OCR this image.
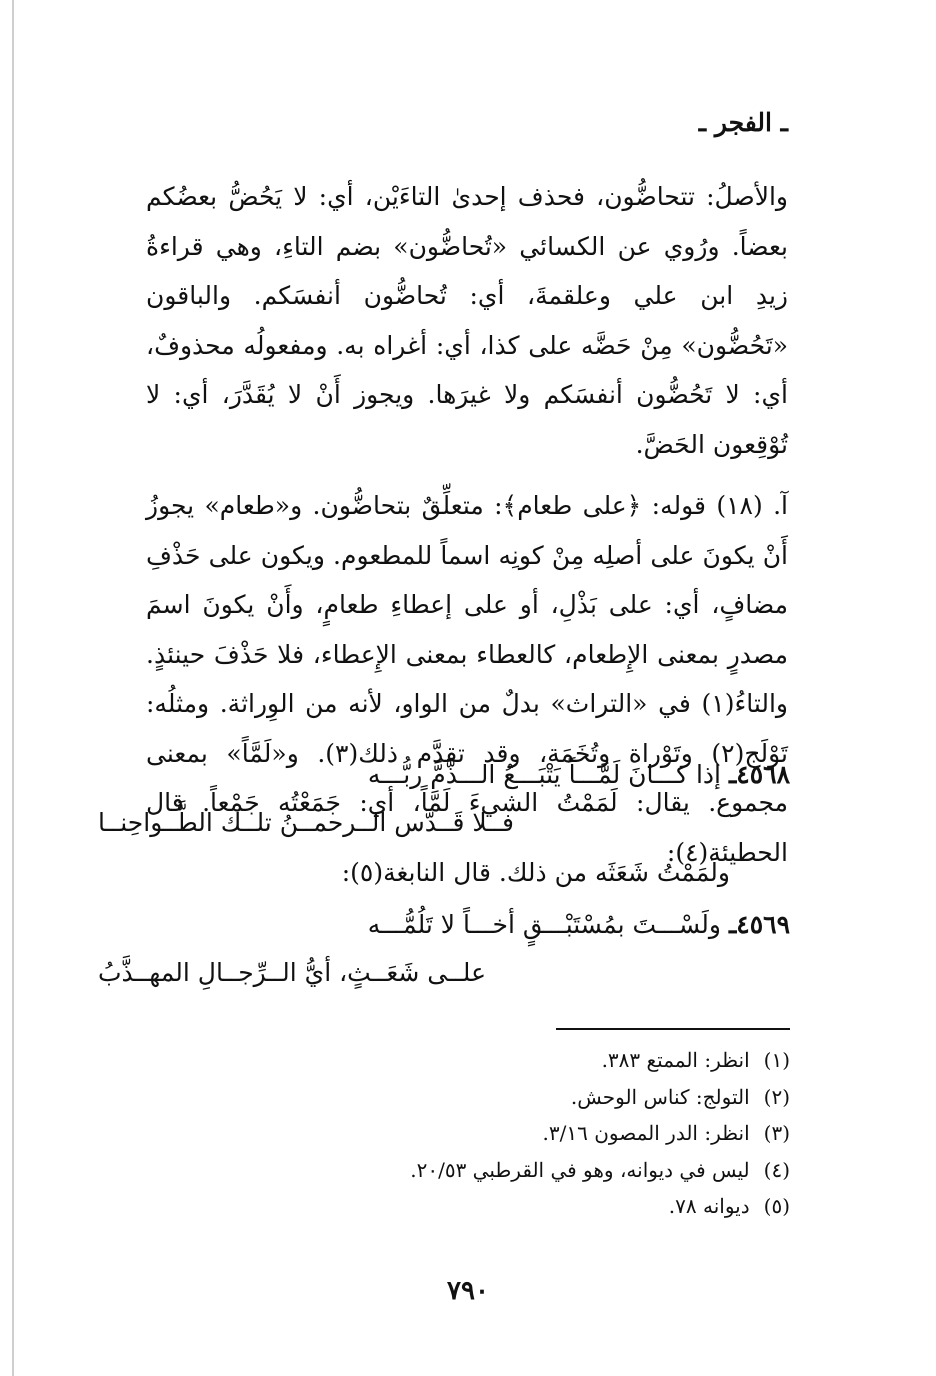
ـ الفجر ـ

والأصلُ: تتحاضُّون، فحذف إحدىٰ التاءَيْن، أي: لا يَحُضُّ بعضُكم بعضاً. ورُوي عن الكسائي «تُحاضُّون» بضم التاءِ، وهي قراءةُ زيدِ ابن علي وعلقمةَ، أي: تُحاضُّون أنفسَكم. والباقون «تَحُضُّون» مِنْ حَضَّه على كذا، أي: أغراه به. ومفعولُه محذوفٌ، أي: لا تَحُضُّون أنفسَكم ولا غيرَها. ويجوز أَنْ لا يُقَدَّرَ، أي: لا تُوْقِعون الحَضَّ.

آ. (١٨) قوله: ﴿على طعام﴾: متعلِّقٌ بتحاضُّون. و«طعام» يجوزُ أَنْ يكونَ على أصلِه مِنْ كونِه اسماً للمطعوم. ويكون على حَذْفِ مضافٍ، أي: على بَذْلِ، أو على إعطاءِ طعامٍ، وأَنْ يكونَ اسمَ مصدرٍ بمعنى الإِطعام، كالعطاء بمعنى الإِعطاء، فلا حَذْفَ حينئذٍ. والتاءُ(١) في «التراث» بدلٌ من الواو، لأنه من الوِراثة. ومثلُه: تَوْلَج(٢) وتَوْراة وتُخَمَة، وقد تقدَّم ذلك(٣). و«لَمَّاً» بمعنى مجموع. يقال: لَمَمْتُ الشيءَ لَمَّاً، أي: جَمَعْتُه جَمْعاً. قال الحطيئة(٤):

٤٥٦٨ـ إذا كـــانَ لَمَّـــاً يَتْبَـــعُ الـــذَّمَّ ربُّـــه
فــلا قَــدَّس الــرحمــنُ تلــك الطَّــواحِنــا
ولَمَمْتُ شَعَثَه من ذلك. قال النابغة(٥):
٤٥٦٩ـ ولَسْـــتَ بمُسْتَبْـــقٍ أخـــاً لا تَلُمُّـــه
علــى شَعَــثٍ، أيُّ الــرِّجــالِ المهــذَّبُ
(١) انظر: الممتع ٣٨٣.
(٢) التولج: كناس الوحش.
(٣) انظر: الدر المصون ٣/١٦.
(٤) ليس في ديوانه، وهو في القرطبي ٢٠/٥٣.
(٥) ديوانه ٧٨.
٧٩٠
